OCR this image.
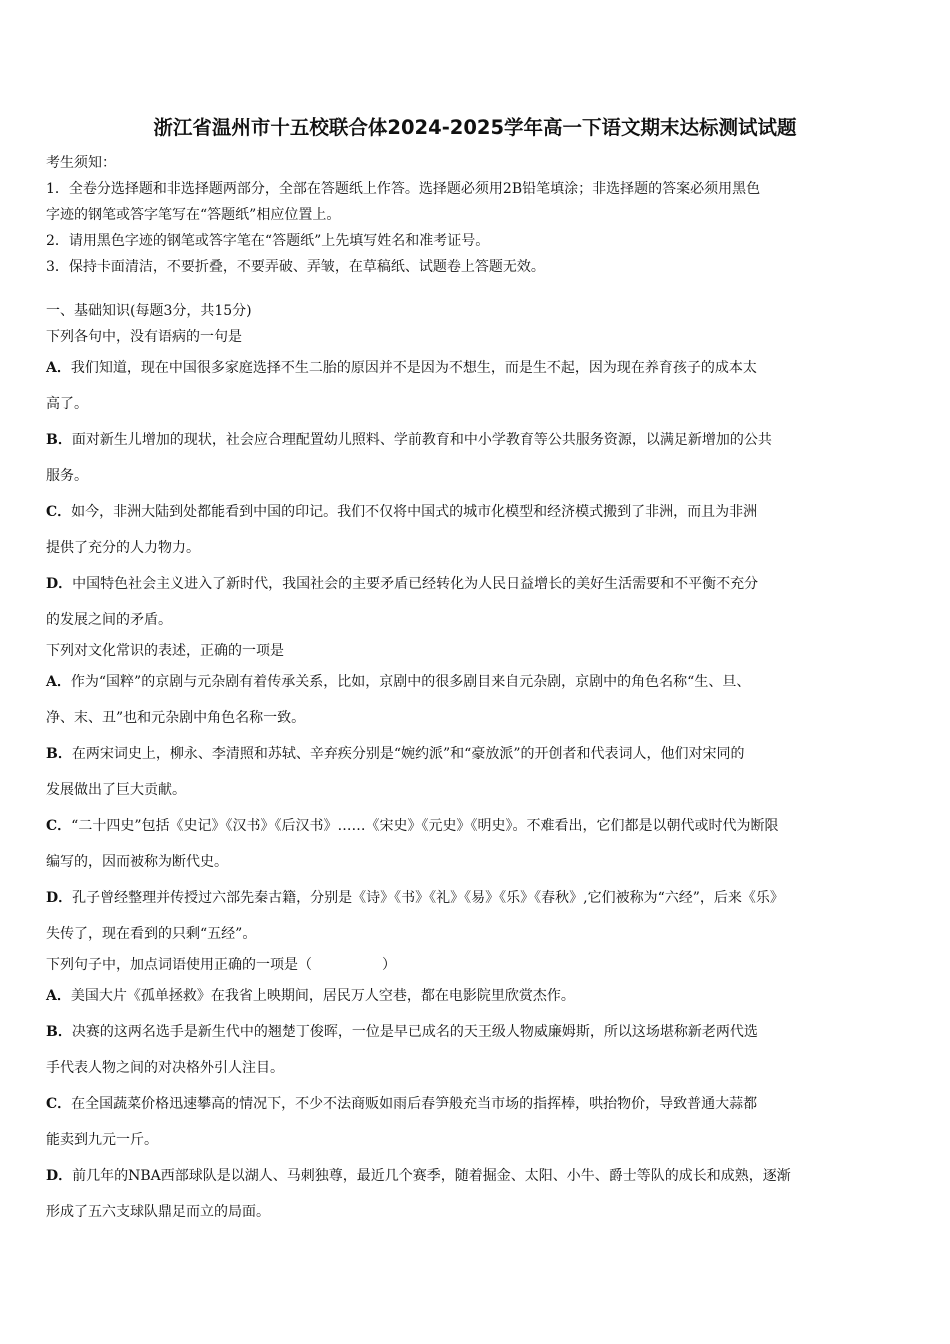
浙江省温州市十五校联合体2024-2025学年高一下语文期末达标测试试题
考生须知：
1．全卷分选择题和非选择题两部分，全部在答题纸上作答。选择题必须用2B铅笔填涂；非选择题的答案必须用黑色
字迹的钢笔或答字笔写在“答题纸”相应位置上。
2．请用黑色字迹的钢笔或答字笔在“答题纸”上先填写姓名和准考证号。
3．保持卡面清洁，不要折叠，不要弄破、弄皱，在草稿纸、试题卷上答题无效。
一、基础知识(每题3分，共15分)
下列各句中，没有语病的一句是
A．我们知道，现在中国很多家庭选择不生二胎的原因并不是因为不想生，而是生不起，因为现在养育孩子的成本太
高了。
B．面对新生儿增加的现状，社会应合理配置幼儿照料、学前教育和中小学教育等公共服务资源，以满足新增加的公共
服务。
C．如今，非洲大陆到处都能看到中国的印记。我们不仅将中国式的城市化模型和经济模式搬到了非洲，而且为非洲
提供了充分的人力物力。
D．中国特色社会主义进入了新时代，我国社会的主要矛盾已经转化为人民日益增长的美好生活需要和不平衡不充分
的发展之间的矛盾。
下列对文化常识的表述，正确的一项是
A．作为“国粹”的京剧与元杂剧有着传承关系，比如，京剧中的很多剧目来自元杂剧，京剧中的角色名称“生、旦、
净、末、丑”也和元杂剧中角色名称一致。
B．在两宋词史上，柳永、李清照和苏轼、辛弃疾分别是“婉约派”和“豪放派”的开创者和代表词人，他们对宋同的
发展做出了巨大贡献。
C．“二十四史”包括《史记》《汉书》《后汉书》……《宋史》《元史》《明史》。不难看出，它们都是以朝代或时代为断限
编写的，因而被称为断代史。
D．孔子曾经整理并传授过六部先秦古籍，分别是《诗》《书》《礼》《易》《乐》《春秋》,它们被称为“六经”，后来《乐》
失传了，现在看到的只剩“五经”。
下列句子中，加点词语使用正确的一项是（	）
A．美国大片《孤单拯救》在我省上映期间，居民万人空巷，都在电影院里欣赏杰作。
B．决赛的这两名选手是新生代中的翘楚丁俊晖，一位是早已成名的天王级人物威廉姆斯，所以这场堪称新老两代选
手代表人物之间的对决格外引人注目。
C．在全国蔬菜价格迅速攀高的情况下，不少不法商贩如雨后春笋般充当市场的指挥棒，哄抬物价，导致普通大蒜都
能卖到九元一斤。
D．前几年的NBA西部球队是以湖人、马刺独尊，最近几个赛季，随着掘金、太阳、小牛、爵士等队的成长和成熟，逐渐
形成了五六支球队鼎足而立的局面。
